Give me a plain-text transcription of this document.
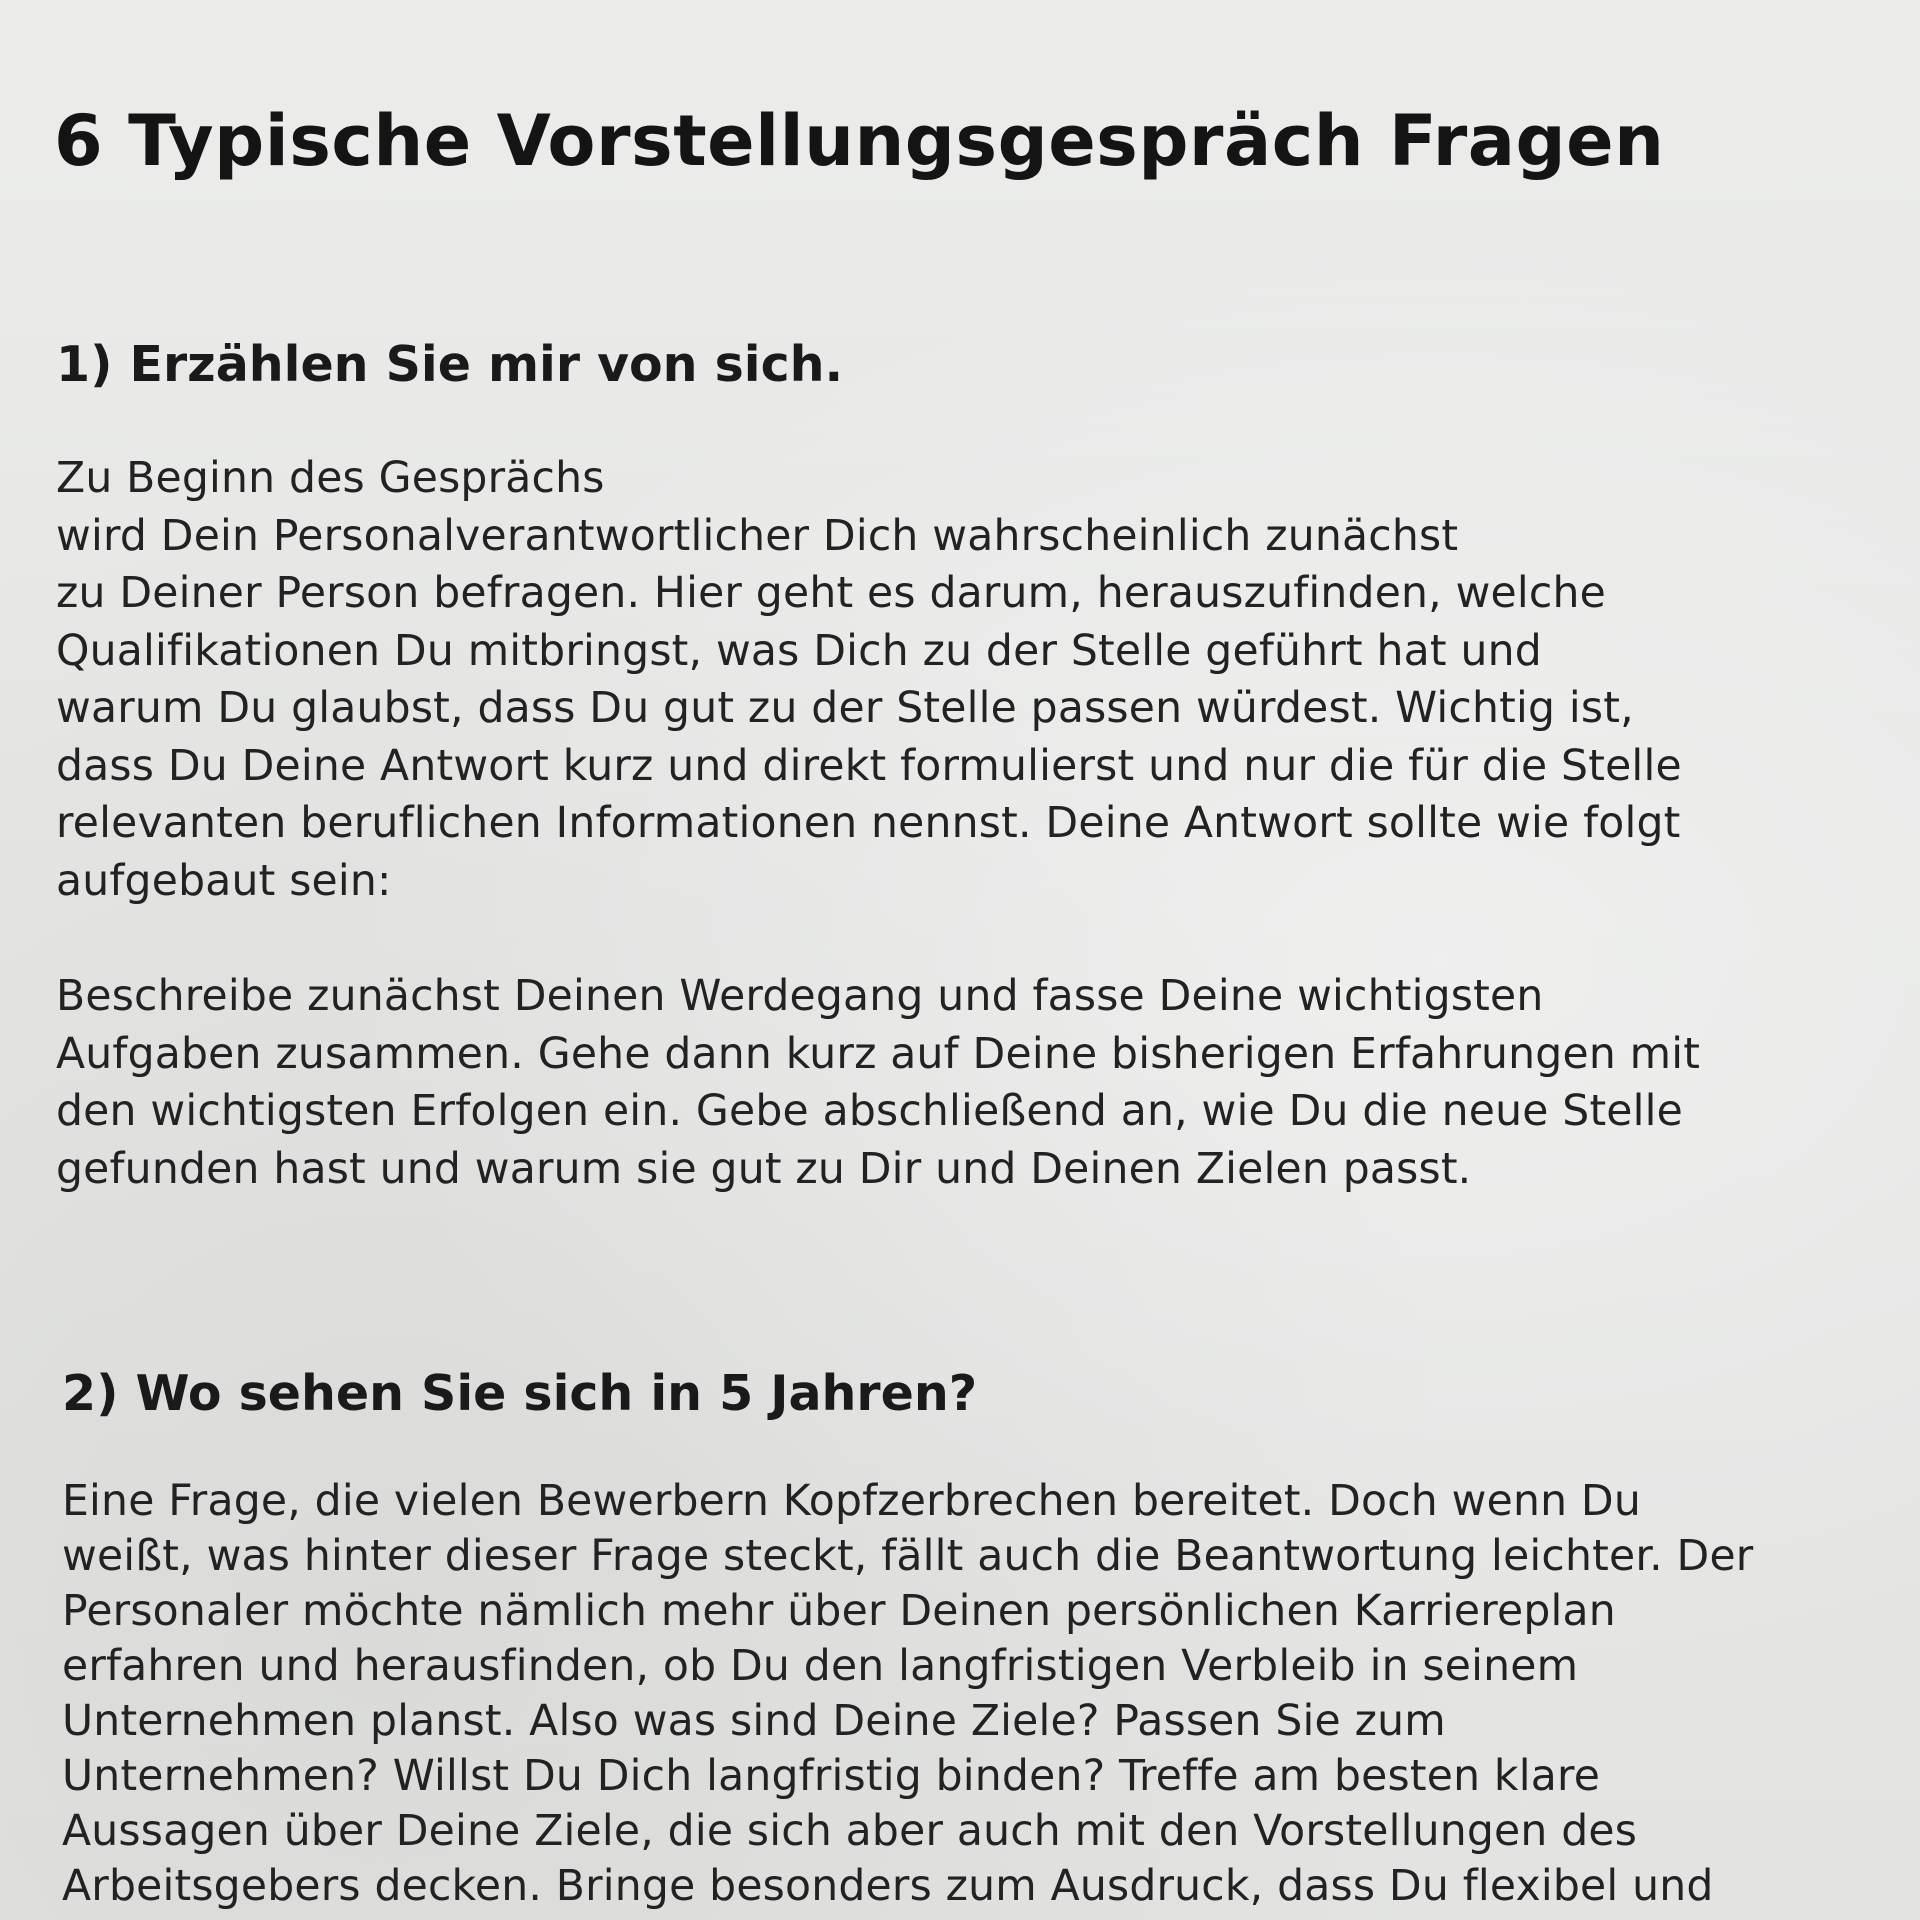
6 Typische Vorstellungsgespräch Fragen
1) Erzählen Sie mir von sich.
Zu Beginn des Gesprächs
wird Dein Personalverantwortlicher Dich wahrscheinlich zunächst
zu Deiner Person befragen. Hier geht es darum, herauszufinden, welche
Qualifikationen Du mitbringst, was Dich zu der Stelle geführt hat und
warum Du glaubst, dass Du gut zu der Stelle passen würdest. Wichtig ist,
dass Du Deine Antwort kurz und direkt formulierst und nur die für die Stelle
relevanten beruflichen Informationen nennst. Deine Antwort sollte wie folgt
aufgebaut sein:
Beschreibe zunächst Deinen Werdegang und fasse Deine wichtigsten
Aufgaben zusammen. Gehe dann kurz auf Deine bisherigen Erfahrungen mit
den wichtigsten Erfolgen ein. Gebe abschließend an, wie Du die neue Stelle
gefunden hast und warum sie gut zu Dir und Deinen Zielen passt.
2) Wo sehen Sie sich in 5 Jahren?
Eine Frage, die vielen Bewerbern Kopfzerbrechen bereitet. Doch wenn Du
weißt, was hinter dieser Frage steckt, fällt auch die Beantwortung leichter. Der
Personaler möchte nämlich mehr über Deinen persönlichen Karriereplan
erfahren und herausfinden, ob Du den langfristigen Verbleib in seinem
Unternehmen planst. Also was sind Deine Ziele? Passen Sie zum
Unternehmen? Willst Du Dich langfristig binden? Treffe am besten klare
Aussagen über Deine Ziele, die sich aber auch mit den Vorstellungen des
Arbeitsgebers decken. Bringe besonders zum Ausdruck, dass Du flexibel und
